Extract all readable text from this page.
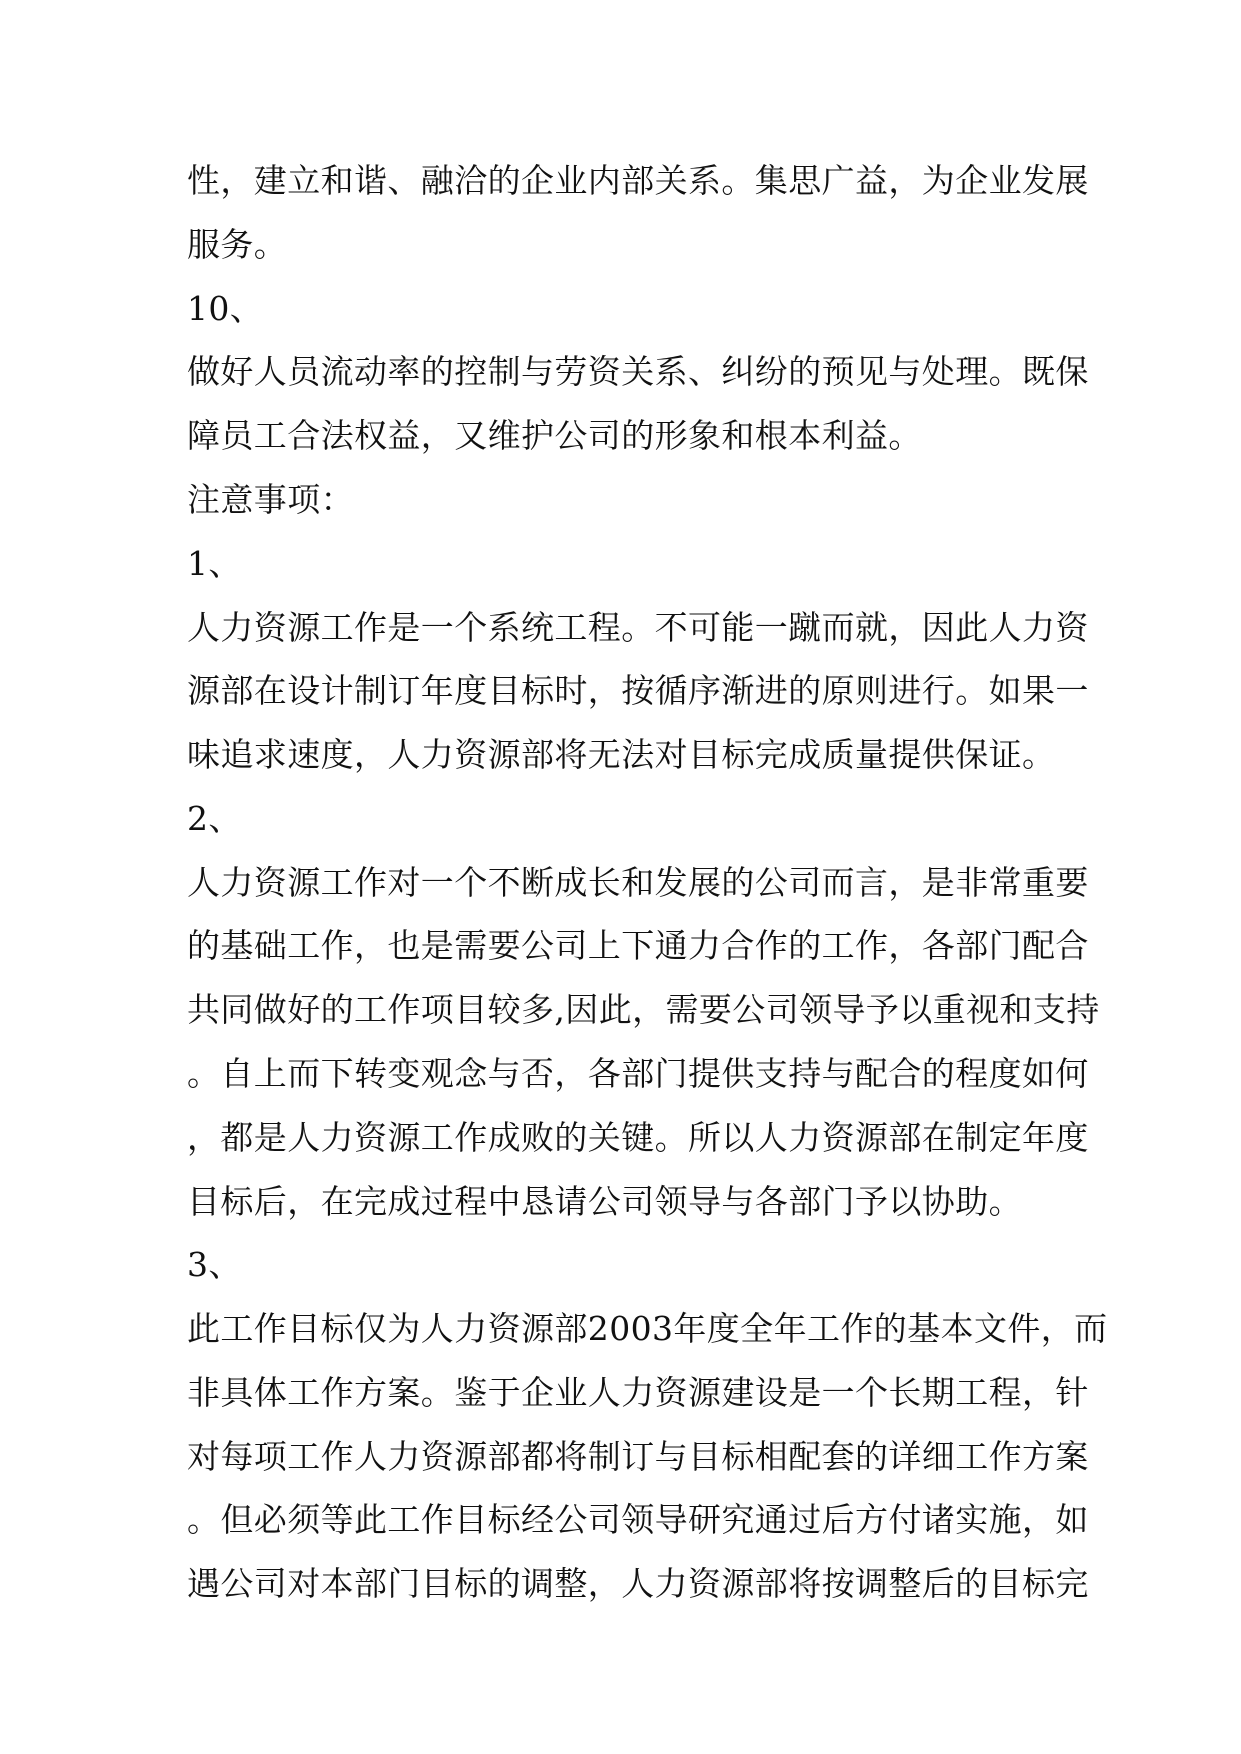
性，建立和谐、融洽的企业内部关系。集思广益，为企业发展
服务。
10、
做好人员流动率的控制与劳资关系、纠纷的预见与处理。既保
障员工合法权益，又维护公司的形象和根本利益。
注意事项：
1、
人力资源工作是一个系统工程。不可能一蹴而就，因此人力资
源部在设计制订年度目标时，按循序渐进的原则进行。如果一
味追求速度，人力资源部将无法对目标完成质量提供保证。
2、
人力资源工作对一个不断成长和发展的公司而言，是非常重要
的基础工作，也是需要公司上下通力合作的工作，各部门配合
共同做好的工作项目较多,因此，需要公司领导予以重视和支持
。自上而下转变观念与否，各部门提供支持与配合的程度如何
，都是人力资源工作成败的关键。所以人力资源部在制定年度
目标后，在完成过程中恳请公司领导与各部门予以协助。
3、
此工作目标仅为人力资源部2003年度全年工作的基本文件，而
非具体工作方案。鉴于企业人力资源建设是一个长期工程，针
对每项工作人力资源部都将制订与目标相配套的详细工作方案
。但必须等此工作目标经公司领导研究通过后方付诸实施，如
遇公司对本部门目标的调整，人力资源部将按调整后的目标完
